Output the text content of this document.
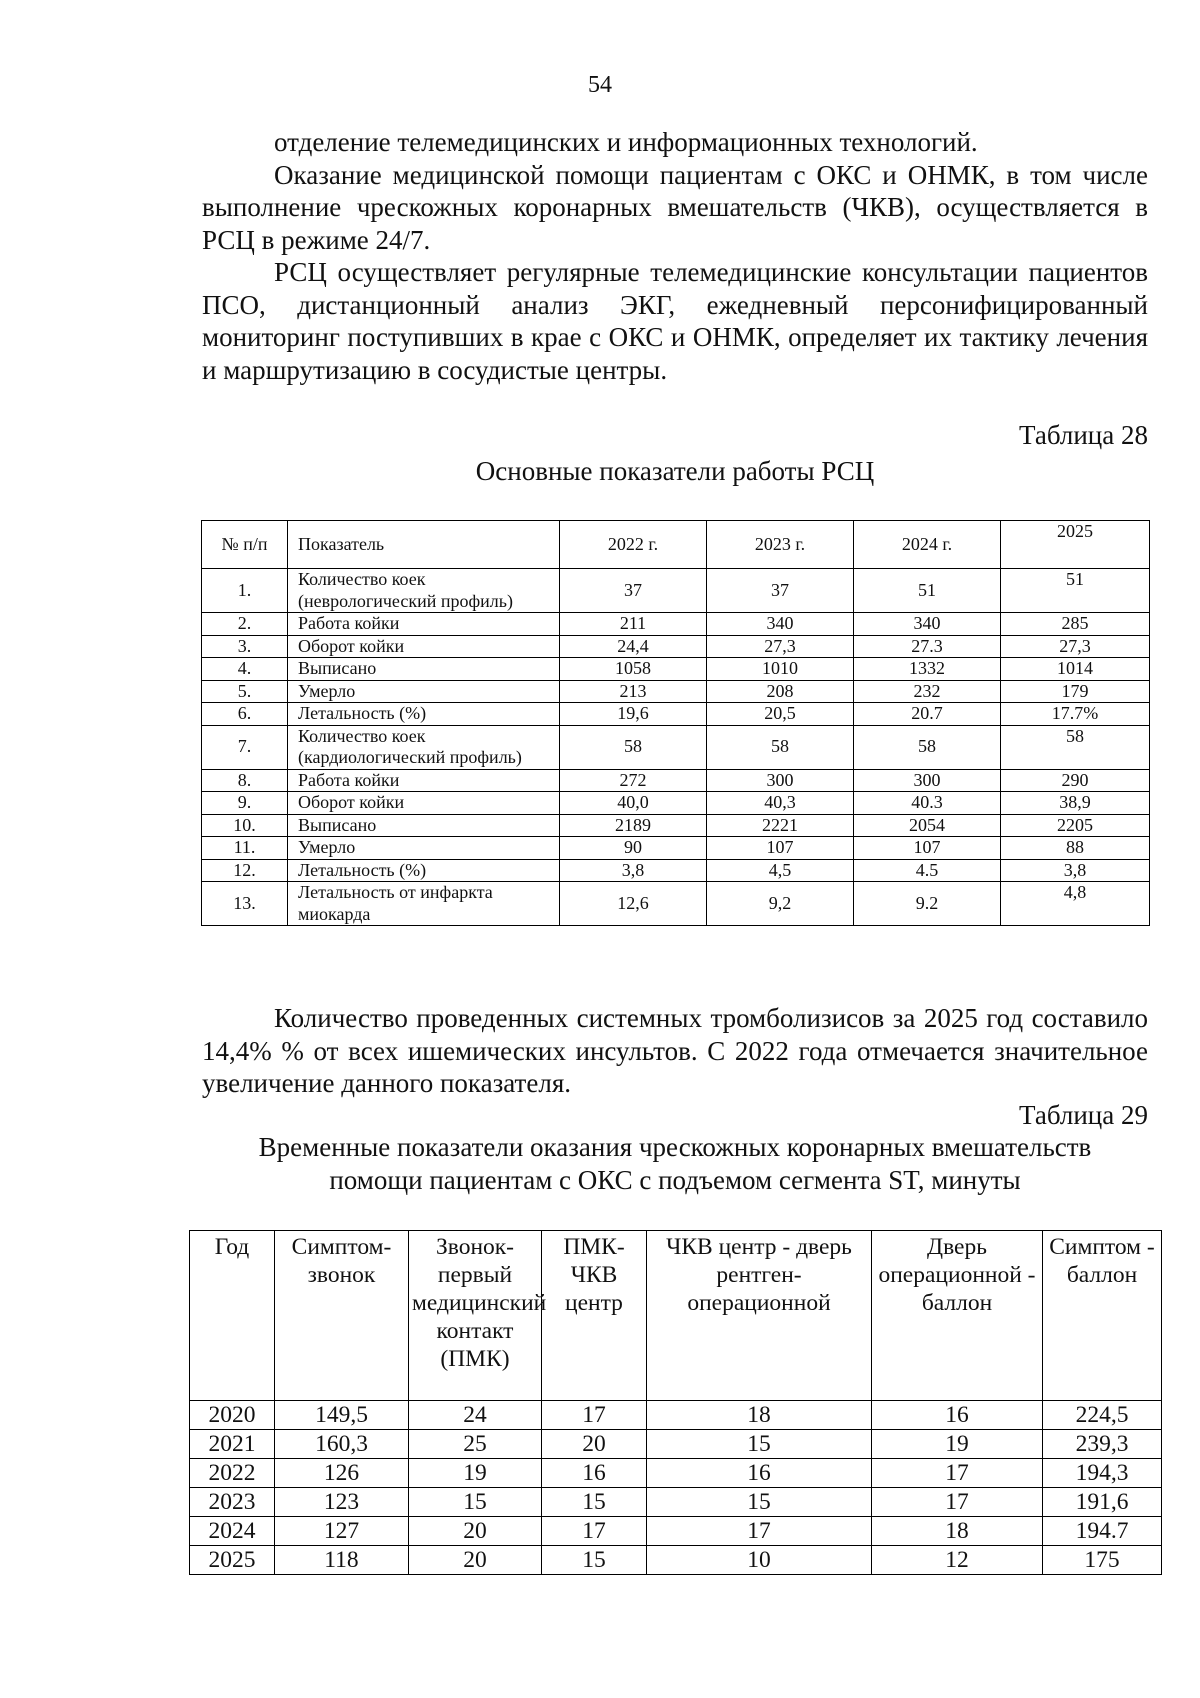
54

отделение телемедицинских и информационных технологий.

Оказание медицинской помощи пациентам с ОКС и ОНМК, в том числе выполнение чрескожных коронарных вмешательств (ЧКВ), осуществляется в РСЦ в режиме 24/7.

РСЦ осуществляет регулярные телемедицинские консультации пациентов ПСО, дистанционный анализ ЭКГ, ежедневный персонифицированный мониторинг поступивших в крае с ОКС и ОНМК, определяет их тактику лечения и маршрутизацию в сосудистые центры.

Таблица 28
Основные показатели работы РСЦ
№ п/п	Показатель	2022 г.	2023 г.	2024 г.	2025
1.	Количество коек (неврологический профиль)	37	37	51	51
2.	Работа койки	211	340	340	285
3.	Оборот койки	24,4	27,3	27.3	27,3
4.	Выписано	1058	1010	1332	1014
5.	Умерло	213	208	232	179
6.	Летальность (%)	19,6	20,5	20.7	17.7%
7.	Количество коек (кардиологический профиль)	58	58	58	58
8.	Работа койки	272	300	300	290
9.	Оборот койки	40,0	40,3	40.3	38,9
10.	Выписано	2189	2221	2054	2205
11.	Умерло	90	107	107	88
12.	Летальность (%)	3,8	4,5	4.5	3,8
13.	Летальность от инфаркта миокарда	12,6	9,2	9.2	4,8

Количество проведенных системных тромболизисов за 2025 год составило 14,4% % от всех ишемических инсультов. С 2022 года отмечается значительное увеличение данного показателя.

Таблица 29
Временные показатели оказания чрескожных коронарных вмешательств
помощи пациентам с ОКС с подъемом сегмента ST, минуты
Год	Симптом-звонок	Звонок-первый медицинский контакт (ПМК)	ПМК-ЧКВ центр	ЧКВ центр - дверь рентген-операционной	Дверь операционной - баллон	Симптом - баллон
2020	149,5	24	17	18	16	224,5
2021	160,3	25	20	15	19	239,3
2022	126	19	16	16	17	194,3
2023	123	15	15	15	17	191,6
2024	127	20	17	17	18	194.7
2025	118	20	15	10	12	175
